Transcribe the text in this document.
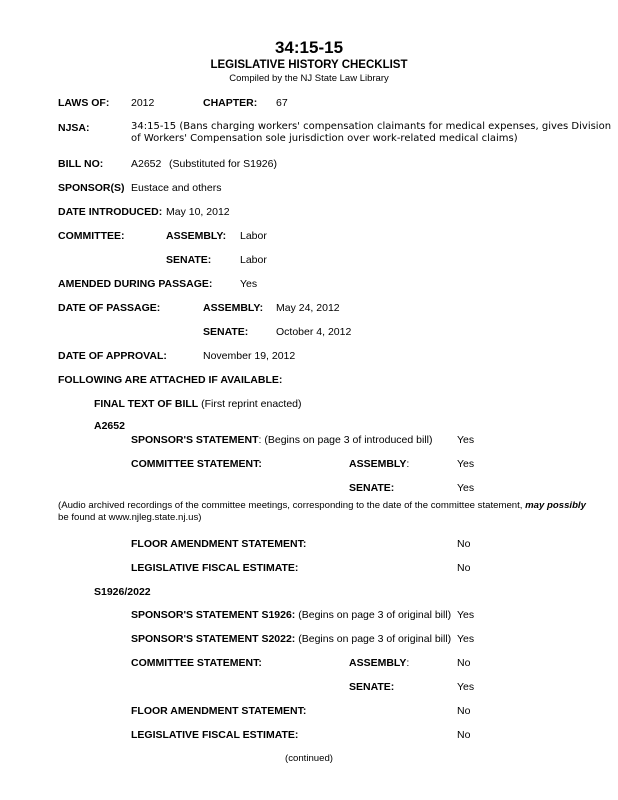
34:15-15
LEGISLATIVE HISTORY CHECKLIST
Compiled by the NJ State Law Library
LAWS OF: 2012	CHAPTER: 67
NJSA:	34:15-15 (Bans charging workers' compensation claimants for medical expenses, gives Division
of Workers' Compensation sole jurisdiction over work-related medical claims)
BILL NO:	A2652 (Substituted for S1926)
SPONSOR(S) Eustace and others
DATE INTRODUCED: May 10, 2012
COMMITTEE:	ASSEMBLY: Labor
SENATE:	Labor
AMENDED DURING PASSAGE:	Yes
DATE OF PASSAGE:	ASSEMBLY: May 24, 2012
SENATE:	October 4, 2012
DATE OF APPROVAL:	November 19, 2012
FOLLOWING ARE ATTACHED IF AVAILABLE:
FINAL TEXT OF BILL (First reprint enacted)
A2652
SPONSOR'S STATEMENT: (Begins on page 3 of introduced bill) Yes
COMMITTEE STATEMENT:	ASSEMBLY:	Yes
SENATE:	Yes
(Audio archived recordings of the committee meetings, corresponding to the date of the committee statement, may possibly
be found at www.njleg.state.nj.us)
FLOOR AMENDMENT STATEMENT:	No
LEGISLATIVE FISCAL ESTIMATE:	No
S1926/2022
SPONSOR'S STATEMENT S1926: (Begins on page 3 of original bill) Yes
SPONSOR'S STATEMENT S2022: (Begins on page 3 of original bill) Yes
COMMITTEE STATEMENT:	ASSEMBLY:	No
SENATE:	Yes
FLOOR AMENDMENT STATEMENT:	No
LEGISLATIVE FISCAL ESTIMATE:	No
(continued)
